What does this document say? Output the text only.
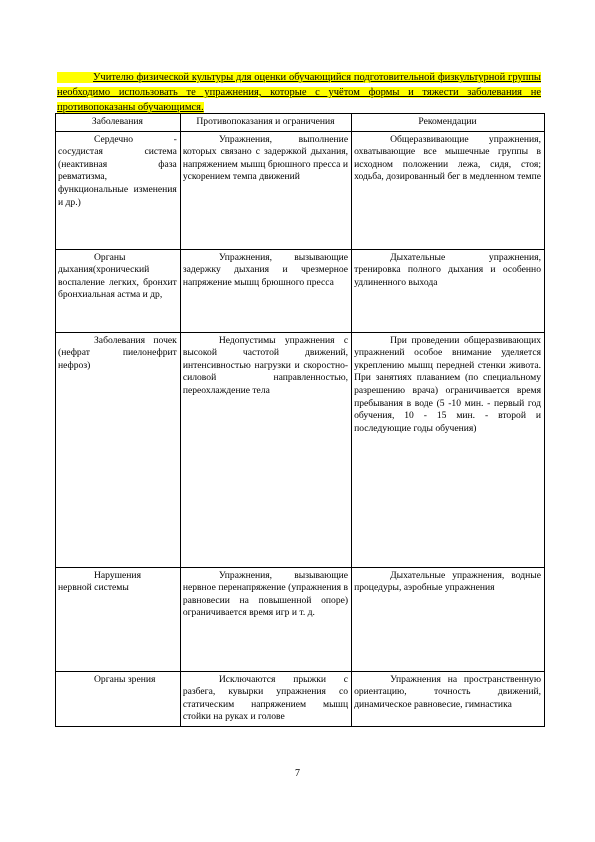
Учителю физической культуры для оценки обучающийся подготовительной физкультурной группы необходимо использовать те упражнения, которые с учётом формы и тяжести заболевания не противопоказаны обучающимся.
Заболевания	Противопоказания и ограничения	Рекомендации

Сердечно - сосудистая система (неактивная фаза ревматизма, функциональные изменения и др.)	Упражнения, выполнение которых связано с задержкой дыхания, напряжением мышц брюшного пресса и ускорением темпа движений	Общеразвивающие упражнения, охватывающие все мышечные группы в исходном положении лежа, сидя, стоя; ходьба, дозированный бег в медленном темпе

Органы дыхания(хронический воспаление легких, бронхит бронхиальная астма и др,	Упражнения, вызывающие задержку дыхания и чрезмерное напряжение мышц брюшного пресса	Дыхательные упражнения, тренировка полного дыхания и особенно удлиненного выхода

Заболевания почек (нефрат пиелонефрит нефроз)	Недопустимы упражнения с высокой частотой движений, интенсивностью нагрузки и скоростно-силовой направленностью, переохлаждение тела	При проведении общеразвивающих упражнений особое внимание уделяется укреплению мышц передней стенки живота. При занятиях плаванием (по специальному разрешению врача) ограничивается время пребывания в воде (5 -10 мин. - первый год обучения, 10 - 15 мин. - второй и последующие годы обучения)

Нарушения нервной системы	Упражнения, вызывающие нервное перенапряжение (упражнения в равновесии на повышенной опоре) ограничивается время игр и т. д.	Дыхательные упражнения, водные процедуры, аэробные упражнения

Органы зрения	Исключаются прыжки с разбега, кувырки упражнения со статическим напряжением мышц стойки на руках и голове	Упражнения на пространственную ориентацию, точность движений, динамическое равновесие, гимнастика
7
